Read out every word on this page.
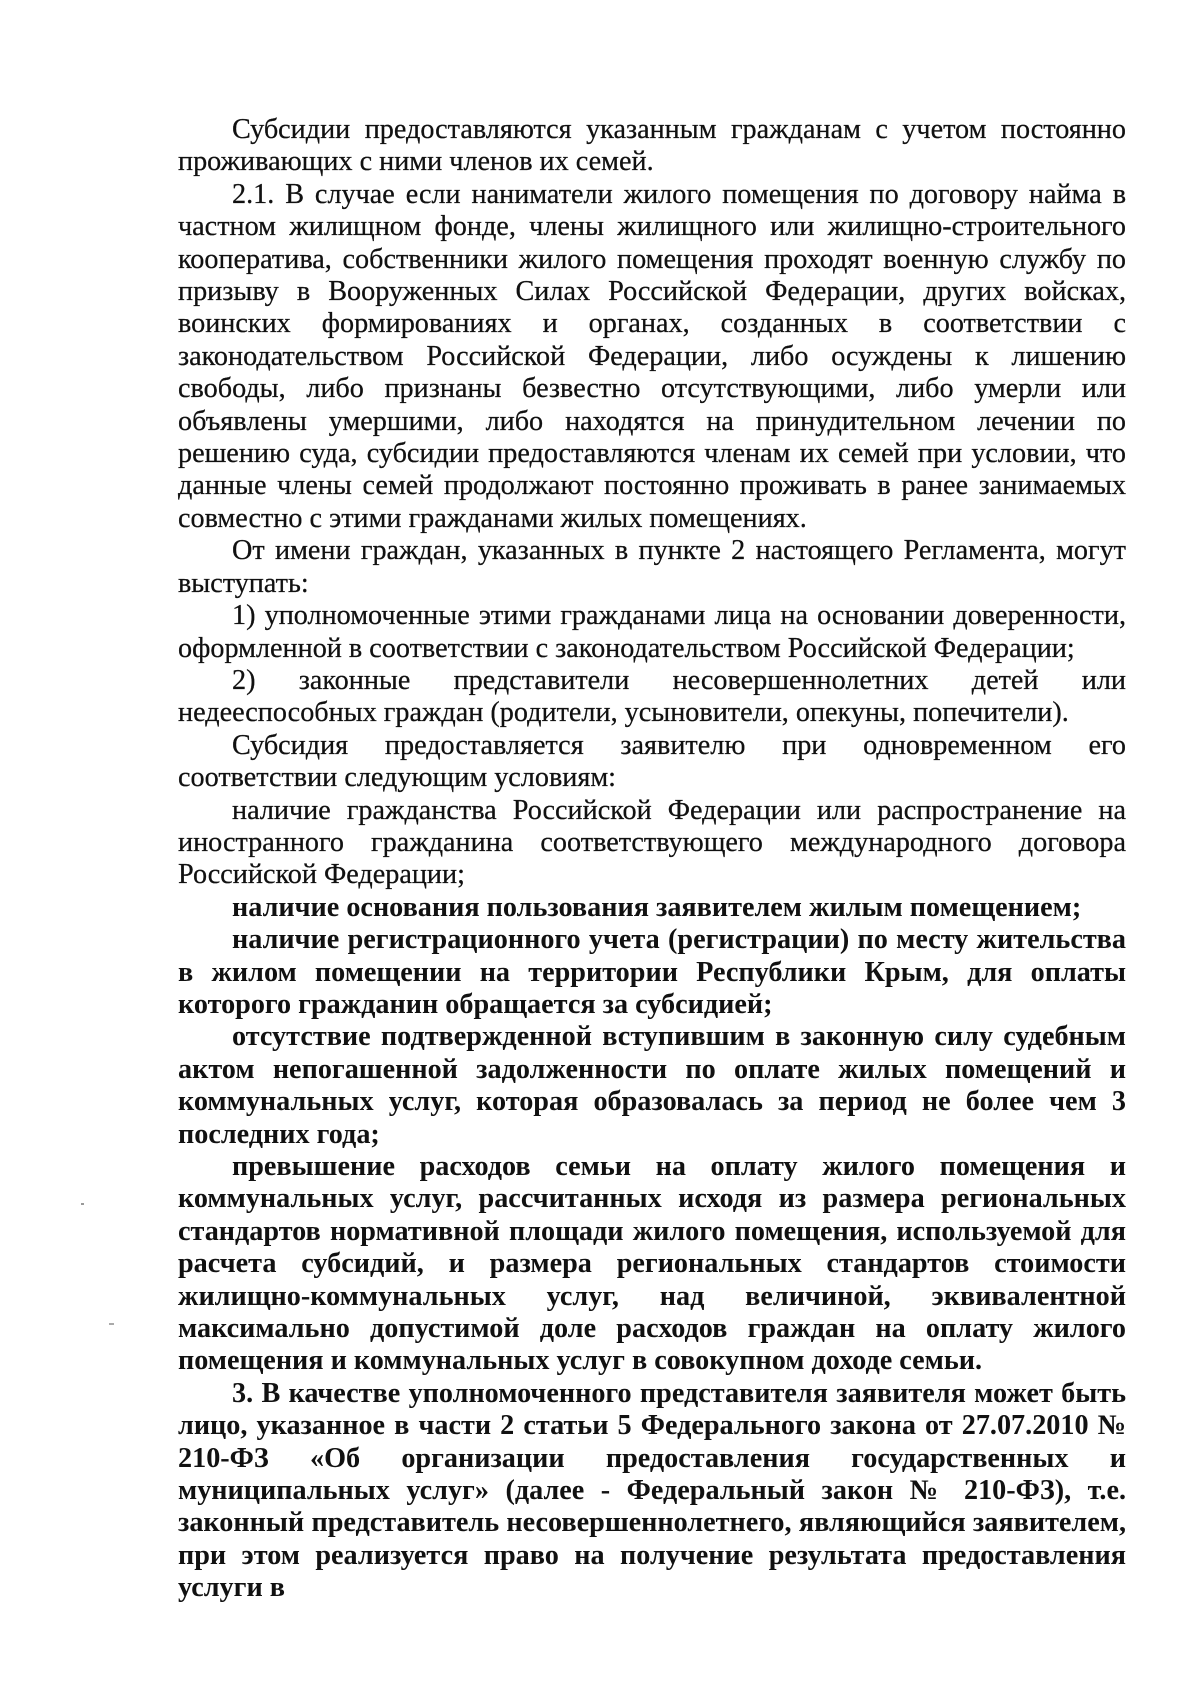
Субсидии предоставляются указанным гражданам с учетом постоянно проживающих с ними членов их семей.

2.1. В случае если наниматели жилого помещения по договору найма в частном жилищном фонде, члены жилищного или жилищно-строительного кооператива, собственники жилого помещения проходят военную службу по призыву в Вооруженных Силах Российской Федерации, других войсках, воинских формированиях и органах, созданных в соответствии с законодательством Российской Федерации, либо осуждены к лишению свободы, либо признаны безвестно отсутствующими, либо умерли или объявлены умершими, либо находятся на принудительном лечении по решению суда, субсидии предоставляются членам их семей при условии, что данные члены семей продолжают постоянно проживать в ранее занимаемых совместно с этими гражданами жилых помещениях.

От имени граждан, указанных в пункте 2 настоящего Регламента, могут выступать:

1) уполномоченные этими гражданами лица на основании доверенности, оформленной в соответствии с законодательством Российской Федерации;

2) законные представители несовершеннолетних детей или недееспособных граждан (родители, усыновители, опекуны, попечители).

Субсидия предоставляется заявителю при одновременном его соответствии следующим условиям:

наличие гражданства Российской Федерации или распространение на иностранного гражданина соответствующего международного договора Российской Федерации;

наличие основания пользования заявителем жилым помещением;

наличие регистрационного учета (регистрации) по месту жительства в жилом помещении на территории Республики Крым, для оплаты которого гражданин обращается за субсидией;

отсутствие подтвержденной вступившим в законную силу судебным актом непогашенной задолженности по оплате жилых помещений и коммунальных услуг, которая образовалась за период не более чем 3 последних года;

превышение расходов семьи на оплату жилого помещения и коммунальных услуг, рассчитанных исходя из размера региональных стандартов нормативной площади жилого помещения, используемой для расчета субсидий, и размера региональных стандартов стоимости жилищно-коммунальных услуг, над величиной, эквивалентной максимально допустимой доле расходов граждан на оплату жилого помещения и коммунальных услуг в совокупном доходе семьи.

3. В качестве уполномоченного представителя заявителя может быть лицо, указанное в части 2 статьи 5 Федерального закона от 27.07.2010 № 210-ФЗ «Об организации предоставления государственных и муниципальных услуг» (далее - Федеральный закон № 210-ФЗ), т.е. законный представитель несовершеннолетнего, являющийся заявителем, при этом реализуется право на получение результата предоставления услуги в
